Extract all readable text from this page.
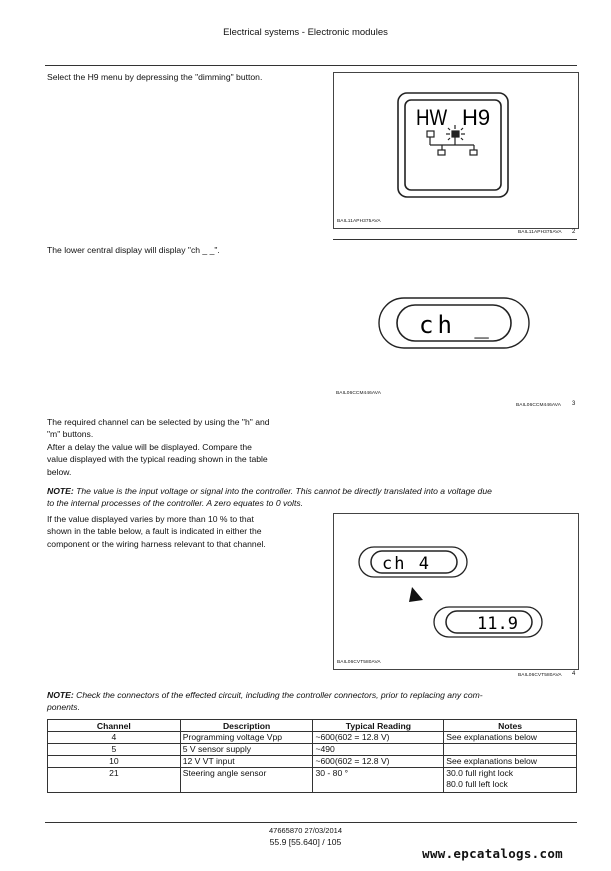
Electrical systems - Electronic modules
Select the H9 menu by depressing the "dimming" button.
HW H9
BAIL11APH375AVA
BAIL11APH375AVA 2
The lower central display will display "ch _ _".
ch _
BAIL06CCM446AVA
BAIL06CCM446AVA 3
The required channel can be selected by using the "h" and
"m" buttons.
After a delay the value will be displayed. Compare the
value displayed with the typical reading shown in the table
below.
NOTE: The value is the input voltage or signal into the controller. This cannot be directly translated into a voltage due
to the internal processes of the controller. A zero equates to 0 volts.
If the value displayed varies by more than 10 % to that
shown in the table below, a fault is indicated in either the
component or the wiring harness relevant to that channel.
ch 4
11.9
BAIL06CVT580AVA
BAIL06CVT580AVA 4
NOTE: Check the connectors of the effected circuit, including the controller connectors, prior to replacing any com-
ponents.
Channel	Description	Typical Reading	Notes
4	Programming voltage Vpp	~600(602 = 12.8 V)	See explanations below
5	5 V sensor supply	~490	
10	12 V VT input	~600(602 = 12.8 V)	See explanations below
21	Steering angle sensor	30 - 80 °	30.0 full right lock
80.0 full left lock
47665870 27/03/2014
55.9 [55.640] / 105
www.epcatalogs.com
